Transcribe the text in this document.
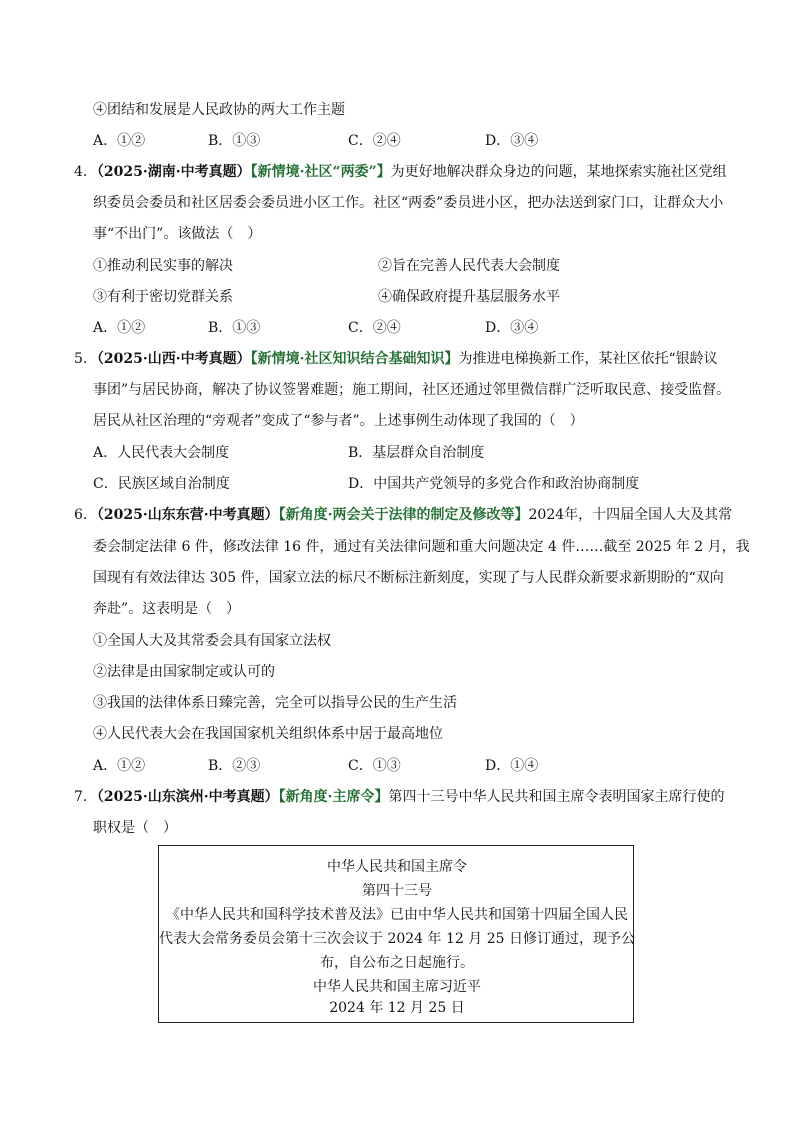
④团结和发展是人民政协的两大工作主题
A．①②	B．①③	C．②④	D．③④
4．（2025·湖南·中考真题）【新情境·社区“两委”】为更好地解决群众身边的问题，某地探索实施社区党组
织委员会委员和社区居委会委员进小区工作。社区“两委”委员进小区，把办法送到家门口，让群众大小
事“不出门”。该做法（　）
①推动利民实事的解决	②旨在完善人民代表大会制度
③有利于密切党群关系	④确保政府提升基层服务水平
A．①②	B．①③	C．②④	D．③④
5．（2025·山西·中考真题）【新情境·社区知识结合基础知识】为推进电梯换新工作，某社区依托“银龄议
事团”与居民协商，解决了协议签署难题；施工期间，社区还通过邻里微信群广泛听取民意、接受监督。
居民从社区治理的“旁观者”变成了“参与者”。上述事例生动体现了我国的（　）
A．人民代表大会制度	B．基层群众自治制度
C．民族区域自治制度	D．中国共产党领导的多党合作和政治协商制度
6．（2025·山东东营·中考真题）【新角度·两会关于法律的制定及修改等】2024年，十四届全国人大及其常
委会制定法律 6 件，修改法律 16 件，通过有关法律问题和重大问题决定 4 件……截至 2025 年 2 月，我
国现有有效法律达 305 件，国家立法的标尺不断标注新刻度，实现了与人民群众新要求新期盼的“双向
奔赴”。这表明是（　）
①全国人大及其常委会具有国家立法权
②法律是由国家制定或认可的
③我国的法律体系日臻完善，完全可以指导公民的生产生活
④人民代表大会在我国国家机关组织体系中居于最高地位
A．①②	B．②③	C．①③	D．①④
7．（2025·山东滨州·中考真题）【新角度·主席令】第四十三号中华人民共和国主席令表明国家主席行使的
职权是（　）
中华人民共和国主席令
第四十三号
《中华人民共和国科学技术普及法》已由中华人民共和国第十四届全国人民
代表大会常务委员会第十三次会议于 2024 年 12 月 25 日修订通过，现予公
布，自公布之日起施行。
中华人民共和国主席习近平
2024 年 12 月 25 日
